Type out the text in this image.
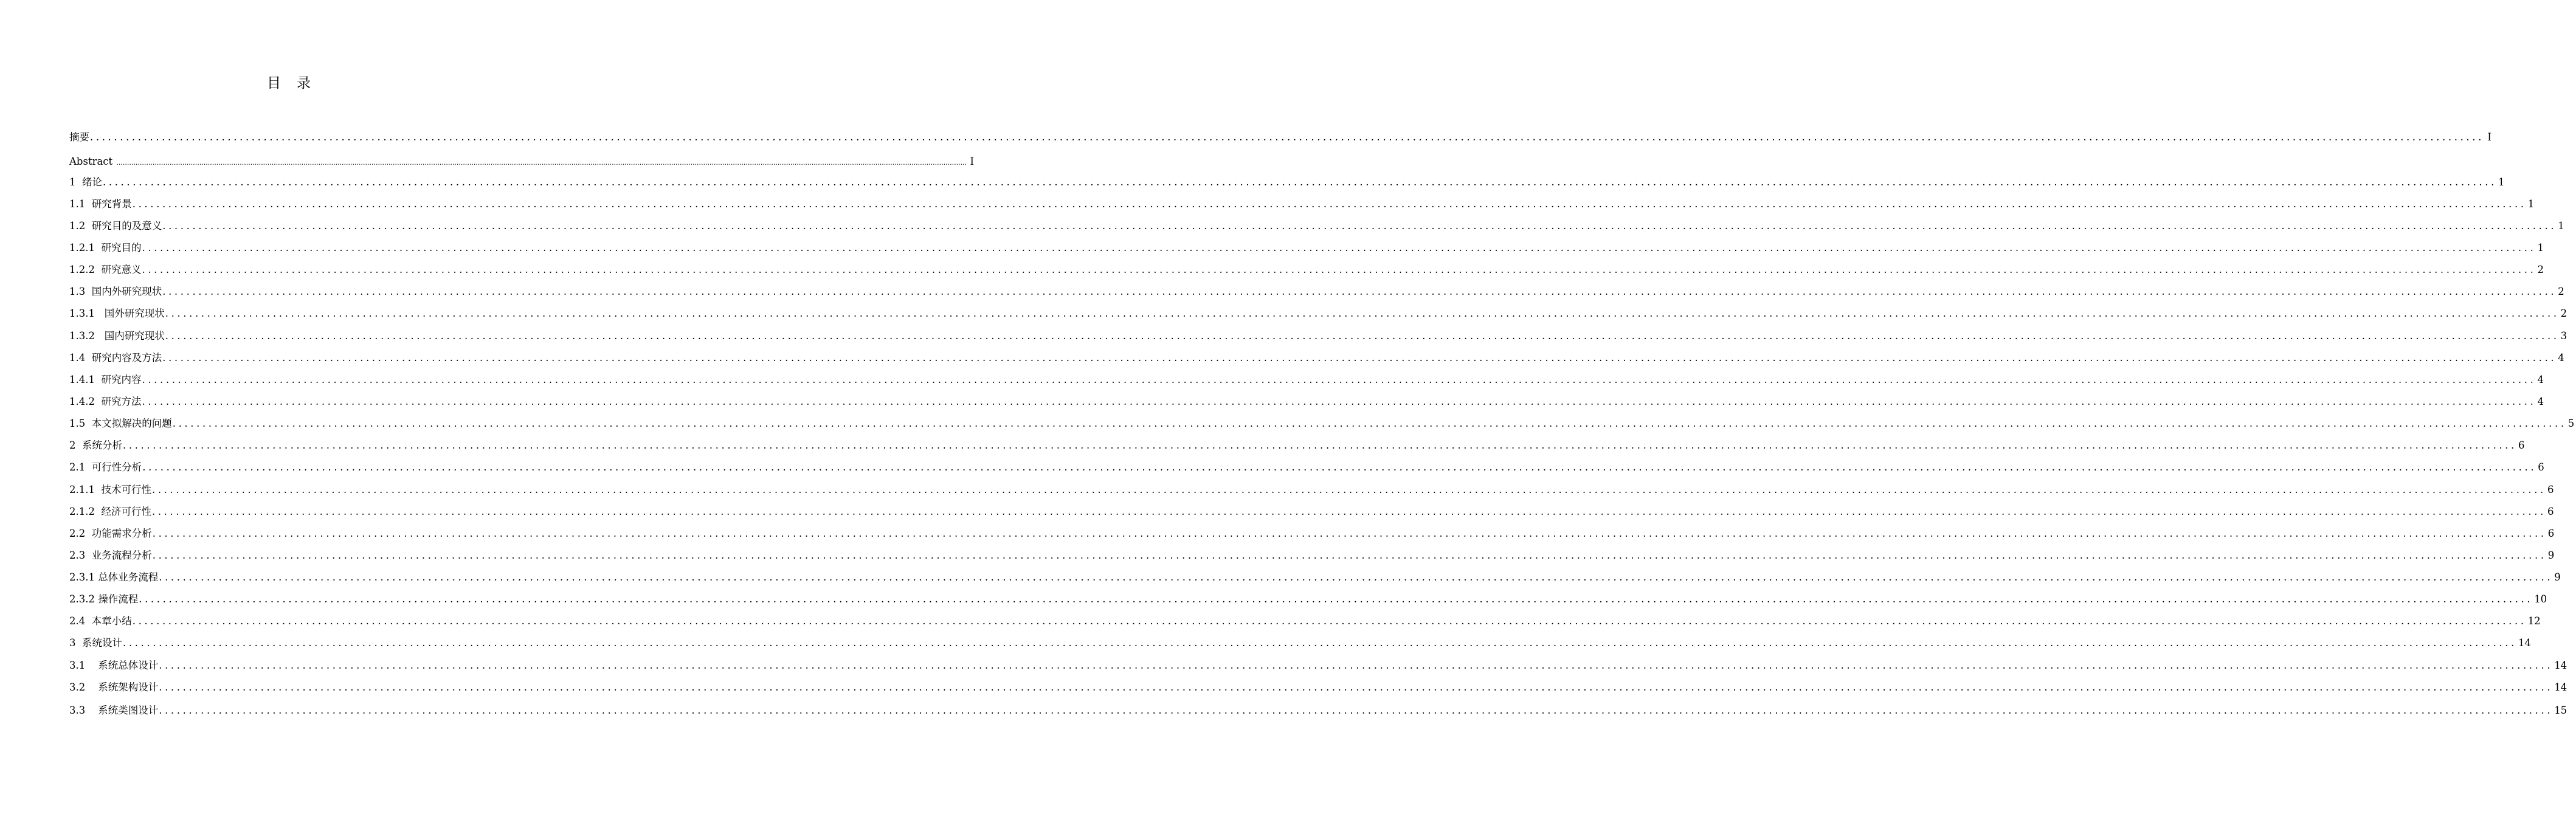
目 录
摘要 ................................................................................................................................................................................................................................................................................................................................................................................................................ I
Abstract ................................................................................................................................................................................................................................................................................................................................................................................................................ I
1  绪论 ................................................................................................................................................................................................................................................................................................................................................................................................................ 1
1.1  研究背景 ................................................................................................................................................................................................................................................................................................................................................................................................................ 1
1.2  研究目的及意义 ................................................................................................................................................................................................................................................................................................................................................................................................................ 1
1.2.1  研究目的 ................................................................................................................................................................................................................................................................................................................................................................................................................ 1
1.2.2  研究意义 ................................................................................................................................................................................................................................................................................................................................................................................................................ 2
1.3  国内外研究现状 ................................................................................................................................................................................................................................................................................................................................................................................................................ 2
1.3.1   国外研究现状 ................................................................................................................................................................................................................................................................................................................................................................................................................ 2
1.3.2   国内研究现状 ................................................................................................................................................................................................................................................................................................................................................................................................................ 3
1.4  研究内容及方法 ................................................................................................................................................................................................................................................................................................................................................................................................................ 4
1.4.1  研究内容 ................................................................................................................................................................................................................................................................................................................................................................................................................ 4
1.4.2  研究方法 ................................................................................................................................................................................................................................................................................................................................................................................................................ 4
1.5  本文拟解决的问题 ................................................................................................................................................................................................................................................................................................................................................................................................................ 5
2  系统分析 ................................................................................................................................................................................................................................................................................................................................................................................................................ 6
2.1  可行性分析 ................................................................................................................................................................................................................................................................................................................................................................................................................ 6
2.1.1  技术可行性 ................................................................................................................................................................................................................................................................................................................................................................................................................ 6
2.1.2  经济可行性 ................................................................................................................................................................................................................................................................................................................................................................................................................ 6
2.2  功能需求分析 ................................................................................................................................................................................................................................................................................................................................................................................................................ 6
2.3  业务流程分析 ................................................................................................................................................................................................................................................................................................................................................................................................................ 9
2.3.1 总体业务流程 ................................................................................................................................................................................................................................................................................................................................................................................................................ 9
2.3.2 操作流程 ................................................................................................................................................................................................................................................................................................................................................................................................................ 10
2.4  本章小结 ................................................................................................................................................................................................................................................................................................................................................................................................................ 12
3  系统设计 ................................................................................................................................................................................................................................................................................................................................................................................................................ 14
3.1    系统总体设计 ................................................................................................................................................................................................................................................................................................................................................................................................................ 14
3.2    系统架构设计 ................................................................................................................................................................................................................................................................................................................................................................................................................ 14
3.3    系统类图设计 ................................................................................................................................................................................................................................................................................................................................................................................................................ 15
